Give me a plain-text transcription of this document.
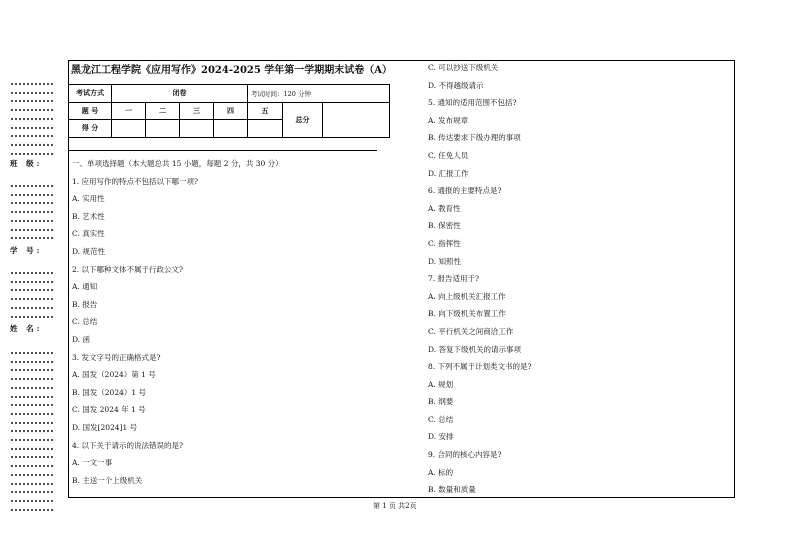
班 级:
学 号:
姓 名:
黑龙江工程学院《应用写作》2024-2025 学年第一学期期末试卷（A）
考试方式	闭卷				考试时间：120 分钟		
题 号	一	二	三	四	五	总分	
得 分							
一、单项选择题（本大题总共 15 小题，每题 2 分，共 30 分）
1. 应用写作的特点不包括以下哪一项?
A. 实用性
B. 艺术性
C. 真实性
D. 规范性
2. 以下哪种文体不属于行政公文?
A. 通知
B. 报告
C. 总结
D. 函
3. 发文字号的正确格式是?
A. 国发（2024）第 1 号
B. 国发（2024）1 号
C. 国发 2024 年 1 号
D. 国发[2024]1 号
4. 以下关于请示的说法错误的是?
A. 一文一事
B. 主送一个上级机关
C. 可以抄送下级机关
D. 不得越级请示
5. 通知的适用范围不包括?
A. 发布规章
B. 传达要求下级办理的事项
C. 任免人员
D. 汇报工作
6. 通报的主要特点是?
A. 教育性
B. 保密性
C. 指挥性
D. 知照性
7. 报告适用于?
A. 向上级机关汇报工作
B. 向下级机关布置工作
C. 平行机关之间商洽工作
D. 答复下级机关的请示事项
8. 下列不属于计划类文书的是?
A. 规划
B. 纲要
C. 总结
D. 安排
9. 合同的核心内容是?
A. 标的
B. 数量和质量
第 1 页 共2页
